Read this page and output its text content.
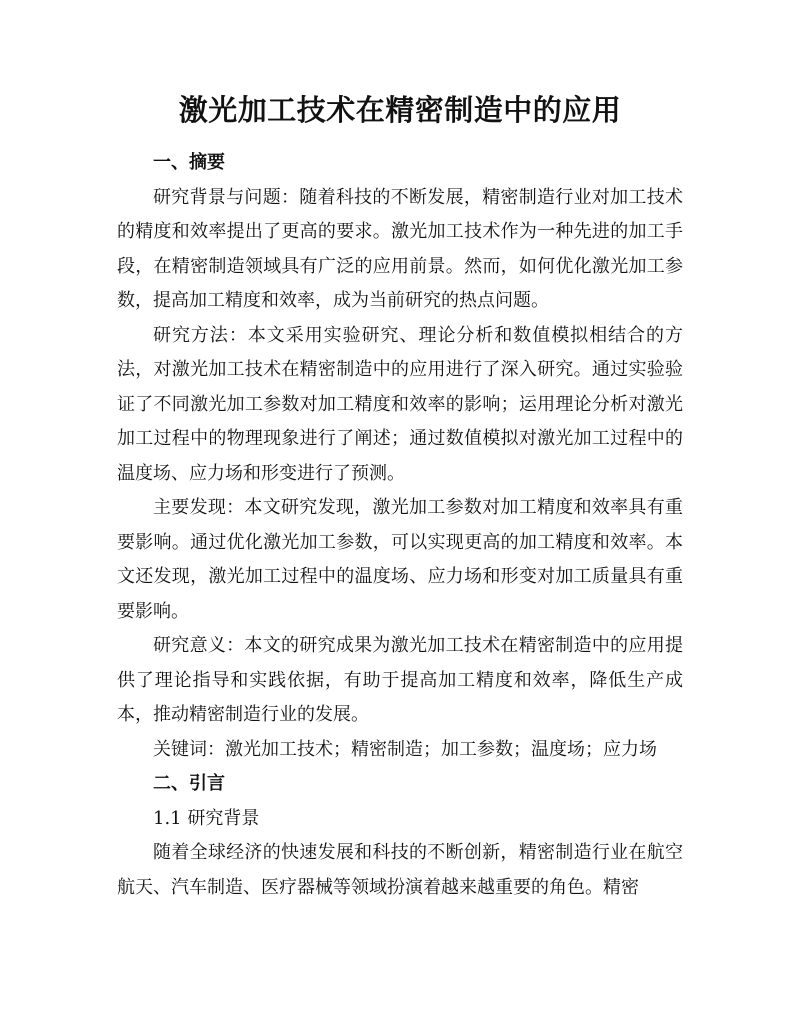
激光加工技术在精密制造中的应用
一、摘要

研究背景与问题：随着科技的不断发展，精密制造行业对加工技术的精度和效率提出了更高的要求。激光加工技术作为一种先进的加工手段，在精密制造领域具有广泛的应用前景。然而，如何优化激光加工参数，提高加工精度和效率，成为当前研究的热点问题。

研究方法：本文采用实验研究、理论分析和数值模拟相结合的方法，对激光加工技术在精密制造中的应用进行了深入研究。通过实验验证了不同激光加工参数对加工精度和效率的影响；运用理论分析对激光加工过程中的物理现象进行了阐述；通过数值模拟对激光加工过程中的温度场、应力场和形变进行了预测。

主要发现：本文研究发现，激光加工参数对加工精度和效率具有重要影响。通过优化激光加工参数，可以实现更高的加工精度和效率。本文还发现，激光加工过程中的温度场、应力场和形变对加工质量具有重要影响。

研究意义：本文的研究成果为激光加工技术在精密制造中的应用提供了理论指导和实践依据，有助于提高加工精度和效率，降低生产成本，推动精密制造行业的发展。

关键词：激光加工技术；精密制造；加工参数；温度场；应力场

二、引言
1.1 研究背景

随着全球经济的快速发展和科技的不断创新，精密制造行业在航空航天、汽车制造、医疗器械等领域扮演着越来越重要的角色。精密
